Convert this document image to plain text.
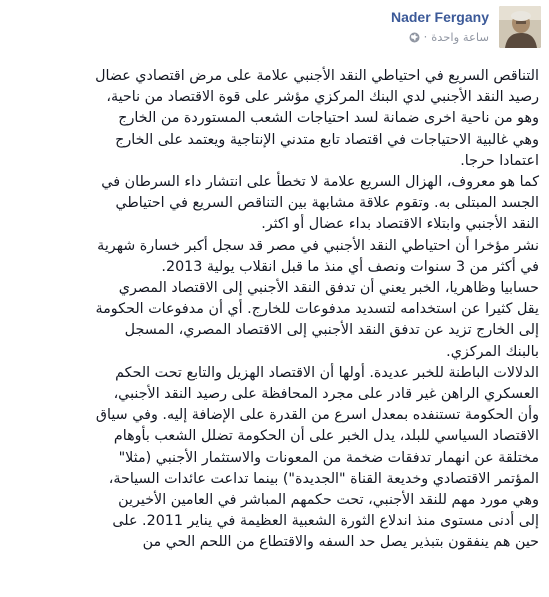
Nader Fergany
ساعة واحدة
·

التناقص السريع في احتياطي النقد الأجنبي علامة على مرض اقتصادي عضال
رصيد النقد الأجنبي لدي البنك المركزي مؤشر على قوة الاقتصاد من ناحية،
وهو من ناحية اخرى ضمانة لسد احتياجات الشعب المستوردة من الخارج
وهي غالبية الاحتياجات في اقتصاد تابع متدني الإنتاجية ويعتمد على الخارج
اعتمادا حرجا.

كما هو معروف، الهزال السريع علامة لا تخطأ على انتشار داء السرطان في
الجسد المبتلى به. وتقوم علاقة مشابهة بين التناقص السريع في احتياطي
النقد الأجنبي وابتلاء الاقتصاد بداء عضال أو اكثر.

نشر مؤخرا أن احتياطي النقد الأجنبي في مصر قد سجل أكبر خسارة شهرية
في أكثر من 3 سنوات ونصف أي منذ ما قبل انقلاب يولية 2013.

حسابيا وظاهريا، الخبر يعني أن تدفق النقد الأجنبي إلى الاقتصاد المصري
يقل كثيرا عن استخدامه لتسديد مدفوعات للخارج. أي أن مدفوعات الحكومة
إلى الخارج تزيد عن تدفق النقد الأجنبي إلى الاقتصاد المصري، المسجل
بالبنك المركزي.

الدلالات الباطنة للخبر عديدة. أولها أن الاقتصاد الهزيل والتابع تحت الحكم
العسكري الراهن غير قادر على مجرد المحافظة على رصيد النقد الأجنبي،
وأن الحكومة تستنفده بمعدل اسرع من القدرة على الإضافة إليه. وفي سياق
الاقتصاد السياسي للبلد، يدل الخبر على أن الحكومة تضلل الشعب بأوهام
مختلقة عن انهمار تدفقات ضخمة من المعونات والاستثمار الأجنبي (مثلا"
المؤتمر الاقتصادي وخديعة القناة "الجديدة") بينما تداعت عائدات السياحة،
وهي مورد مهم للنقد الأجنبي، تحت حكمهم المباشر في العامين الأخيرين
إلى أدنى مستوى منذ اندلاع الثورة الشعبية العظيمة في يناير 2011. على
حين هم ينفقون بتبذير يصل حد السفه والاقتطاع من اللحم الحي من
